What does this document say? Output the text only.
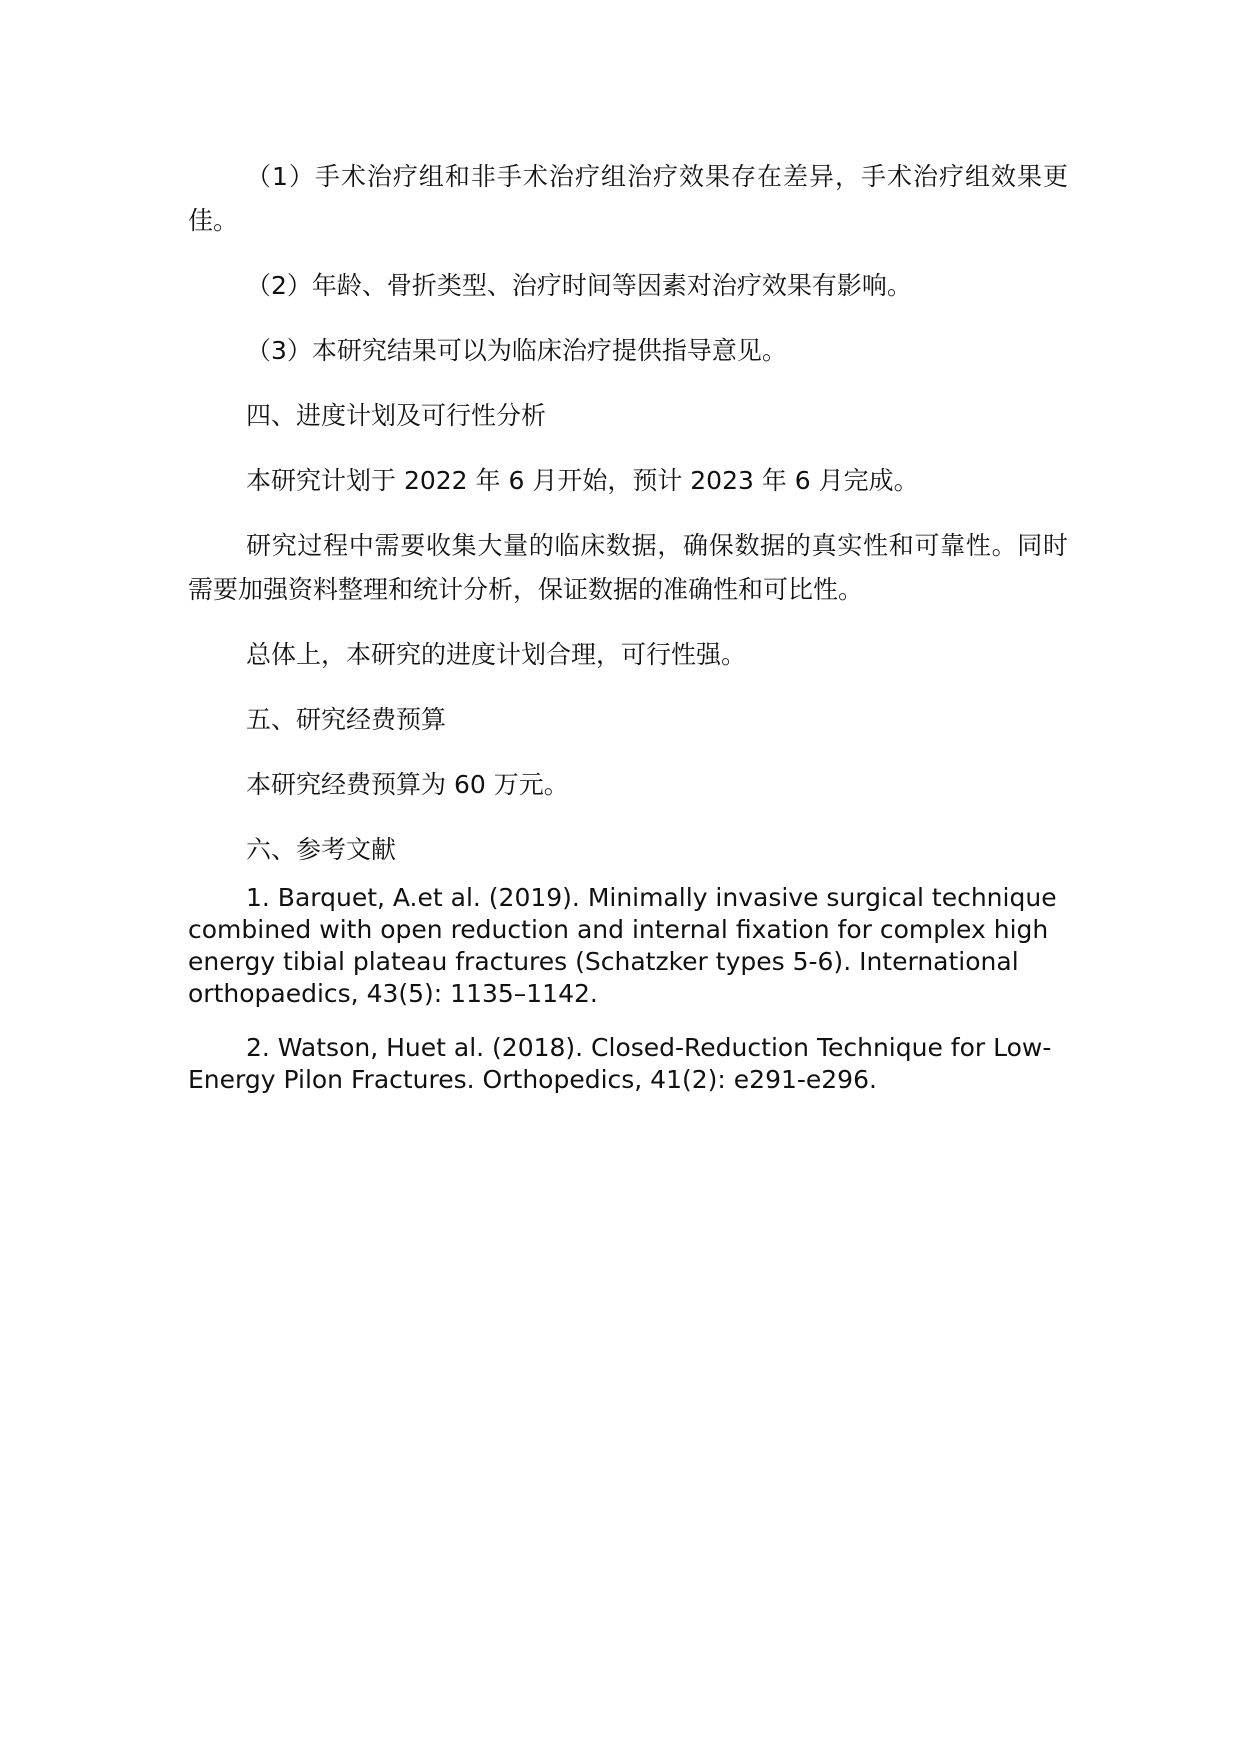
（1）手术治疗组和非手术治疗组治疗效果存在差异，手术治疗组效果更佳。

（2）年龄、骨折类型、治疗时间等因素对治疗效果有影响。

（3）本研究结果可以为临床治疗提供指导意见。

四、进度计划及可行性分析

本研究计划于 2022 年 6 月开始，预计 2023 年 6 月完成。

研究过程中需要收集大量的临床数据，确保数据的真实性和可靠性。同时需要加强资料整理和统计分析，保证数据的准确性和可比性。

总体上，本研究的进度计划合理，可行性强。

五、研究经费预算

本研究经费预算为 60 万元。

六、参考文献

1. Barquet, A.et al. (2019). Minimally invasive surgical technique combined with open reduction and internal fixation for complex high energy tibial plateau fractures (Schatzker types 5-6). International orthopaedics, 43(5): 1135–1142.

2. Watson, Huet al. (2018). Closed-Reduction Technique for Low-Energy Pilon Fractures. Orthopedics, 41(2): e291-e296.
